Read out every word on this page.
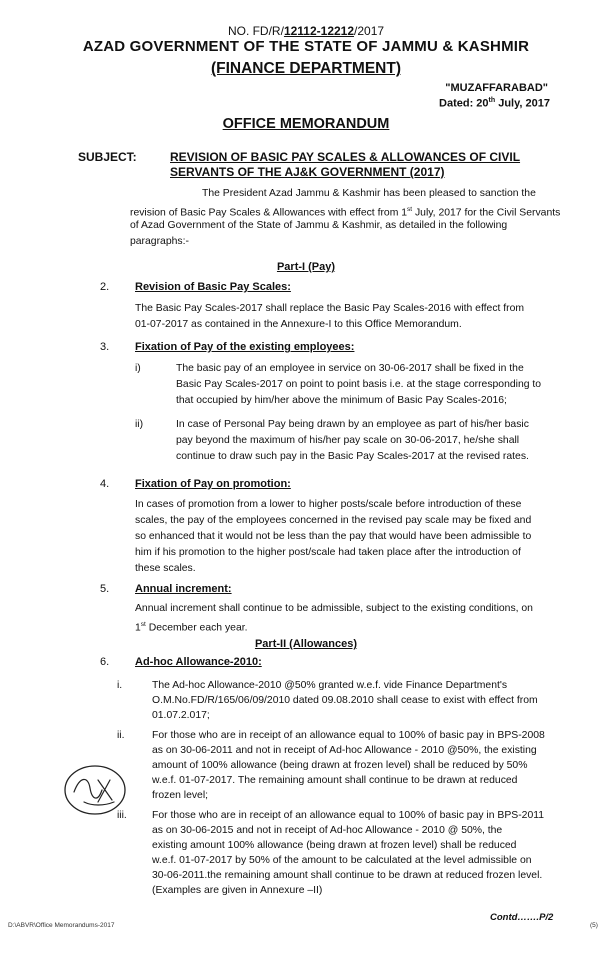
NO. FD/R/12112-12212/2017
AZAD GOVERNMENT OF THE STATE OF JAMMU & KASHMIR
(FINANCE DEPARTMENT)
"MUZAFFARABAD"
Dated: 20th July, 2017
OFFICE MEMORANDUM
SUBJECT:	REVISION OF BASIC PAY SCALES & ALLOWANCES OF CIVIL
SERVANTS OF THE AJ&K GOVERNMENT (2017)
The President Azad Jammu & Kashmir has been pleased to sanction the
revision of Basic Pay Scales & Allowances with effect from 1st July, 2017 for the Civil Servants
of Azad Government of the State of Jammu & Kashmir, as detailed in the following
paragraphs:-
Part-I (Pay)
2. Revision of Basic Pay Scales:
The Basic Pay Scales-2017 shall replace the Basic Pay Scales-2016 with effect from
01-07-2017 as contained in the Annexure-I to this Office Memorandum.
3. Fixation of Pay of the existing employees:
i)	The basic pay of an employee in service on 30-06-2017 shall be fixed in the
Basic Pay Scales-2017 on point to point basis i.e. at the stage corresponding to
that occupied by him/her above the minimum of Basic Pay Scales-2016;
ii)	In case of Personal Pay being drawn by an employee as part of his/her basic
pay beyond the maximum of his/her pay scale on 30-06-2017, he/she shall
continue to draw such pay in the Basic Pay Scales-2017 at the revised rates.
4. Fixation of Pay on promotion:
In cases of promotion from a lower to higher posts/scale before introduction of these
scales, the pay of the employees concerned in the revised pay scale may be fixed and
so enhanced that it would not be less than the pay that would have been admissible to
him if his promotion to the higher post/scale had taken place after the introduction of
these scales.
5. Annual increment:
Annual increment shall continue to be admissible, subject to the existing conditions, on
1st December each year.
Part-II (Allowances)
6. Ad-hoc Allowance-2010:
i.	The Ad-hoc Allowance-2010 @50% granted w.e.f. vide Finance Department's
O.M.No.FD/R/165/06/09/2010 dated 09.08.2010 shall cease to exist with effect from
01.07.2.017;
ii.	For those who are in receipt of an allowance equal to 100% of basic pay in BPS-2008
as on 30-06-2011 and not in receipt of Ad-hoc Allowance - 2010 @50%, the existing
amount of 100% allowance (being drawn at frozen level) shall be reduced by 50%
w.e.f. 01-07-2017. The remaining amount shall continue to be drawn at reduced
frozen level;
iii. For those who are in receipt of an allowance equal to 100% of basic pay in BPS-2011
as on 30-06-2015 and not in receipt of Ad-hoc Allowance - 2010 @ 50%, the
existing amount 100% allowance (being drawn at frozen level) shall be reduced
w.e.f. 01-07-2017 by 50% of the amount to be calculated at the level admissible on
30-06-2011.the remaining amount shall continue to be drawn at reduced frozen level.
(Examples are given in Annexure –II)
Contd…….P/2
D:\ABVR\Office Memorandums-2017	(5)
